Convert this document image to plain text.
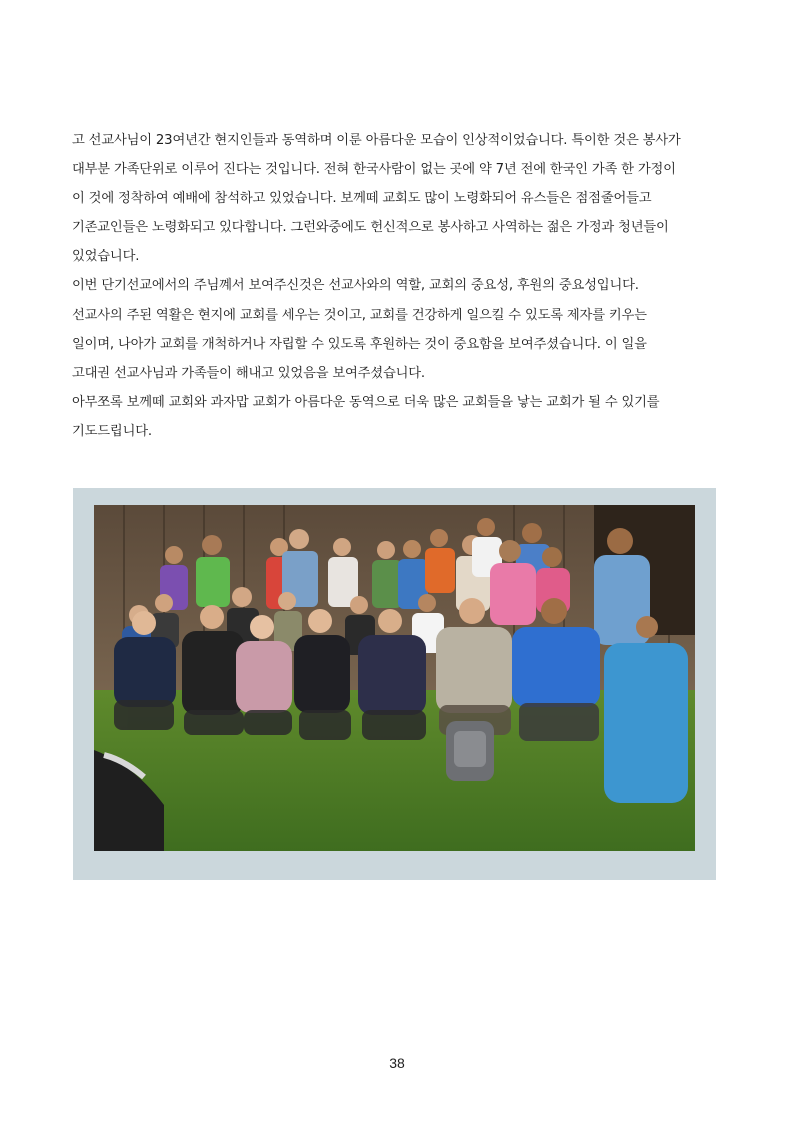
고 선교사님이 23여년간 현지인들과 동역하며 이룬 아름다운 모습이 인상적이었습니다. 특이한 것은 봉사가
대부분 가족단위로 이루어 진다는 것입니다. 전혀 한국사람이 없는 곳에 약 7년 전에 한국인 가족 한 가정이
이 것에 정착하여 예배에 참석하고 있었습니다. 보께떼 교회도 많이 노령화되어 유스들은 점점줄어들고
기존교인들은 노령화되고 있다합니다. 그런와중에도 헌신적으로 봉사하고 사역하는 젊은 가정과 청년들이
있었습니다.
이번 단기선교에서의 주님꼐서 보여주신것은 선교사와의 역할, 교회의 중요성, 후원의 중요성입니다.
선교사의 주된 역활은 현지에 교회를 세우는 것이고, 교회를 건강하게 일으킬 수 있도록 제자를 키우는
일이며, 나아가 교회를 개척하거나 자립할 수 있도록 후원하는 것이 중요함을 보여주셨습니다. 이 일을
고대권 선교사님과 가족들이 해내고 있었음을 보여주셨습니다.
아무쪼록 보께떼 교회와 과자맙 교회가 아름다운 동역으로 더욱 많은 교회들을 낳는 교회가 될 수 있기를
기도드립니다.
38
